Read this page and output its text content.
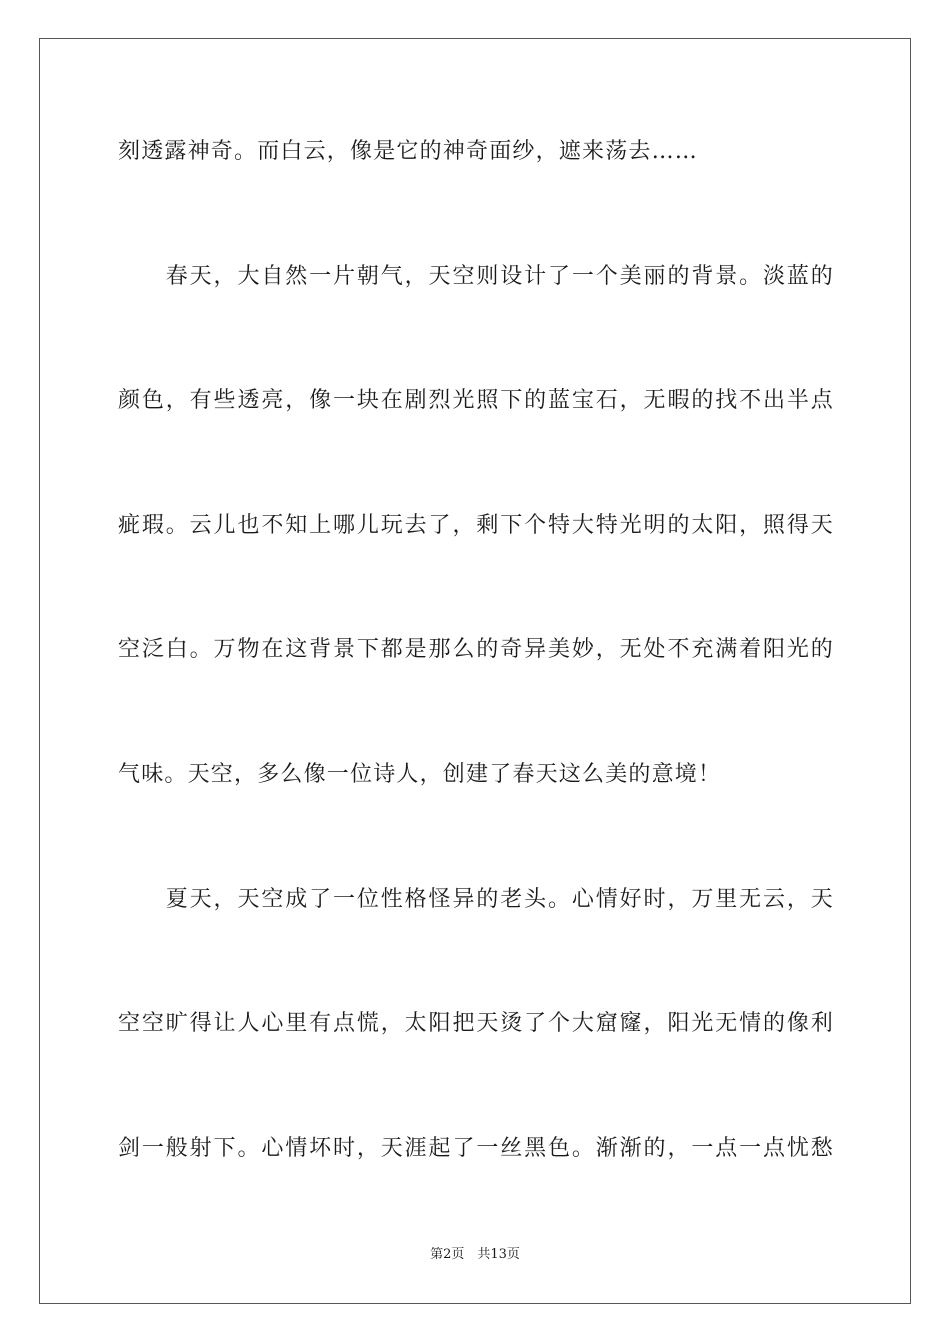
刻透露神奇。而白云，像是它的神奇面纱，遮来荡去……
　　春天，大自然一片朝气，天空则设计了一个美丽的背景。淡蓝的
颜色，有些透亮，像一块在剧烈光照下的蓝宝石，无暇的找不出半点
疵瑕。云儿也不知上哪儿玩去了，剩下个特大特光明的太阳，照得天
空泛白。万物在这背景下都是那么的奇异美妙，无处不充满着阳光的
气味。天空，多么像一位诗人，创建了春天这么美的意境！
　　夏天，天空成了一位性格怪异的老头。心情好时，万里无云，天
空空旷得让人心里有点慌，太阳把天烫了个大窟窿，阳光无情的像利
剑一般射下。心情坏时，天涯起了一丝黑色。渐渐的，一点一点忧愁
第2页　共13页
